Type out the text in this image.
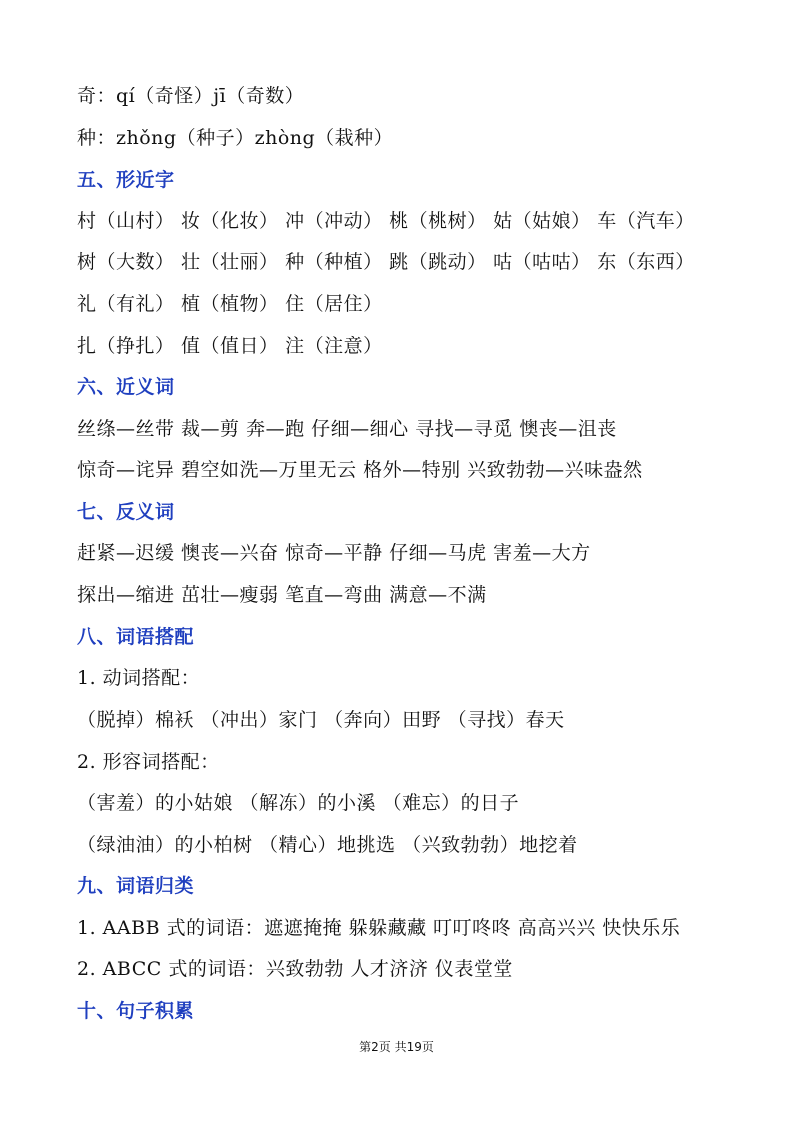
奇：qí（奇怪）jī（奇数）
种：zhǒng（种子）zhòng（栽种）
五、形近字
村（山村） 妆（化妆） 冲（冲动） 桃（桃树） 姑（姑娘） 车（汽车）
树（大数） 壮（壮丽） 种（种植） 跳（跳动） 咕（咕咕） 东（东西）
礼（有礼） 植（植物） 住（居住）
扎（挣扎） 值（值日） 注（注意）
六、近义词
丝绦—丝带 裁—剪 奔—跑 仔细—细心 寻找—寻觅 懊丧—沮丧
惊奇—诧异 碧空如洗—万里无云 格外—特别 兴致勃勃—兴味盎然
七、反义词
赶紧—迟缓 懊丧—兴奋 惊奇—平静 仔细—马虎 害羞—大方
探出—缩进 茁壮—瘦弱 笔直—弯曲 满意—不满
八、词语搭配
1. 动词搭配：
（脱掉）棉袄 （冲出）家门 （奔向）田野 （寻找）春天
2. 形容词搭配：
（害羞）的小姑娘 （解冻）的小溪 （难忘）的日子
（绿油油）的小柏树 （精心）地挑选 （兴致勃勃）地挖着
九、词语归类
1. AABB 式的词语：遮遮掩掩 躲躲藏藏 叮叮咚咚 高高兴兴 快快乐乐
2. ABCC 式的词语：兴致勃勃 人才济济 仪表堂堂
十、句子积累
第2页 共19页
